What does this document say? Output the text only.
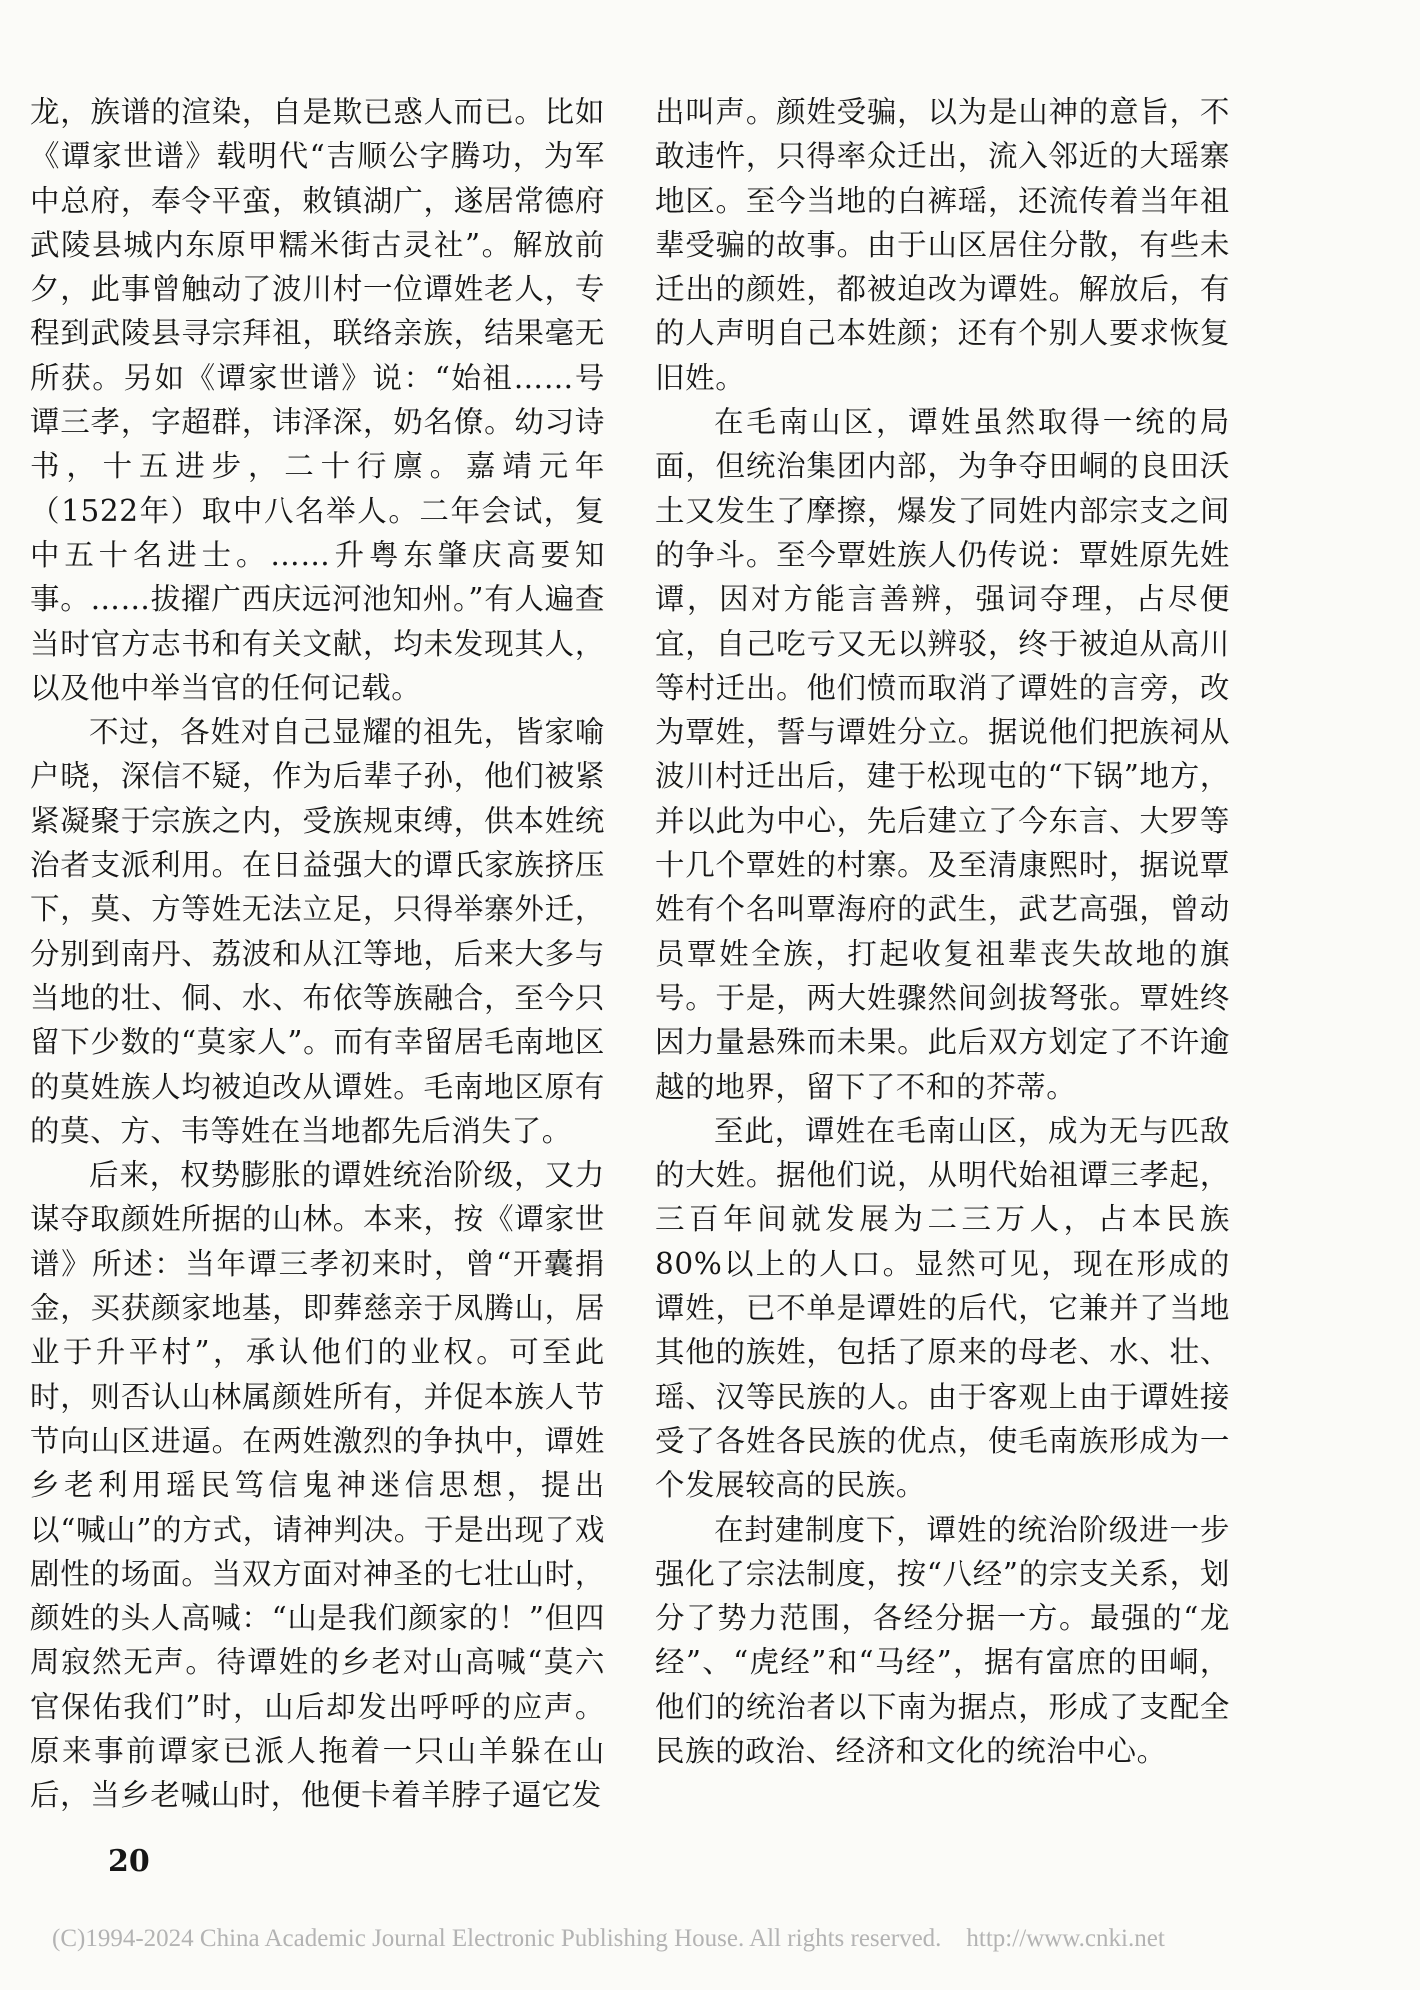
龙，族谱的渲染，自是欺已惑人而已。比如《谭家世谱》载明代“吉顺公字腾功，为军中总府，奉令平蛮，敕镇湖广，遂居常德府武陵县城内东原甲糯米街古灵社”。解放前夕，此事曾触动了波川村一位谭姓老人，专程到武陵县寻宗拜祖，联络亲族，结果毫无所获。另如《谭家世谱》说：“始祖……号谭三孝，字超群，讳泽深，奶名僚。幼习诗书，十五进步，二十行廪。嘉靖元年（1522年）取中八名举人。二年会试，复中五十名进士。……升粤东肇庆高要知事。……拔擢广西庆远河池知州。”有人遍查当时官方志书和有关文献，均未发现其人，以及他中举当官的任何记载。

不过，各姓对自己显耀的祖先，皆家喻户晓，深信不疑，作为后辈子孙，他们被紧紧凝聚于宗族之内，受族规束缚，供本姓统治者支派利用。在日益强大的谭氏家族挤压下，莫、方等姓无法立足，只得举寨外迁，分别到南丹、荔波和从江等地，后来大多与当地的壮、侗、水、布依等族融合，至今只留下少数的“莫家人”。而有幸留居毛南地区的莫姓族人均被迫改从谭姓。毛南地区原有的莫、方、韦等姓在当地都先后消失了。

后来，权势膨胀的谭姓统治阶级，又力谋夺取颜姓所据的山林。本来，按《谭家世谱》所述：当年谭三孝初来时，曾“开囊捐金，买获颜家地基，即葬慈亲于凤腾山，居业于升平村”，承认他们的业权。可至此时，则否认山林属颜姓所有，并促本族人节节向山区进逼。在两姓激烈的争执中，谭姓乡老利用瑶民笃信鬼神迷信思想，提出以“喊山”的方式，请神判决。于是出现了戏剧性的场面。当双方面对神圣的七壮山时，颜姓的头人高喊：“山是我们颜家的！”但四周寂然无声。待谭姓的乡老对山高喊“莫六官保佑我们”时，山后却发出呼呼的应声。原来事前谭家已派人拖着一只山羊躲在山后，当乡老喊山时，他便卡着羊脖子逼它发

出叫声。颜姓受骗，以为是山神的意旨，不敢违忤，只得率众迁出，流入邻近的大瑶寨地区。至今当地的白裤瑶，还流传着当年祖辈受骗的故事。由于山区居住分散，有些未迁出的颜姓，都被迫改为谭姓。解放后，有的人声明自己本姓颜；还有个别人要求恢复旧姓。

在毛南山区，谭姓虽然取得一统的局面，但统治集团内部，为争夺田峒的良田沃土又发生了摩擦，爆发了同姓内部宗支之间的争斗。至今覃姓族人仍传说：覃姓原先姓谭，因对方能言善辨，强词夺理，占尽便宜，自己吃亏又无以辨驳，终于被迫从高川等村迁出。他们愤而取消了谭姓的言旁，改为覃姓，誓与谭姓分立。据说他们把族祠从波川村迁出后，建于松现屯的“下锅”地方，并以此为中心，先后建立了今东言、大罗等十几个覃姓的村寨。及至清康熙时，据说覃姓有个名叫覃海府的武生，武艺高强，曾动员覃姓全族，打起收复祖辈丧失故地的旗号。于是，两大姓骤然间剑拔弩张。覃姓终因力量悬殊而未果。此后双方划定了不许逾越的地界，留下了不和的芥蒂。

至此，谭姓在毛南山区，成为无与匹敌的大姓。据他们说，从明代始祖谭三孝起，三百年间就发展为二三万人，占本民族80%以上的人口。显然可见，现在形成的谭姓，已不单是谭姓的后代，它兼并了当地其他的族姓，包括了原来的母老、水、壮、瑶、汉等民族的人。由于客观上由于谭姓接受了各姓各民族的优点，使毛南族形成为一个发展较高的民族。

在封建制度下，谭姓的统治阶级进一步强化了宗法制度，按“八经”的宗支关系，划分了势力范围，各经分据一方。最强的“龙经”、“虎经”和“马经”，据有富庶的田峒，他们的统治者以下南为据点，形成了支配全民族的政治、经济和文化的统治中心。

20
(C)1994-2024 China Academic Journal Electronic Publishing House. All rights reserved.    http://www.cnki.net
